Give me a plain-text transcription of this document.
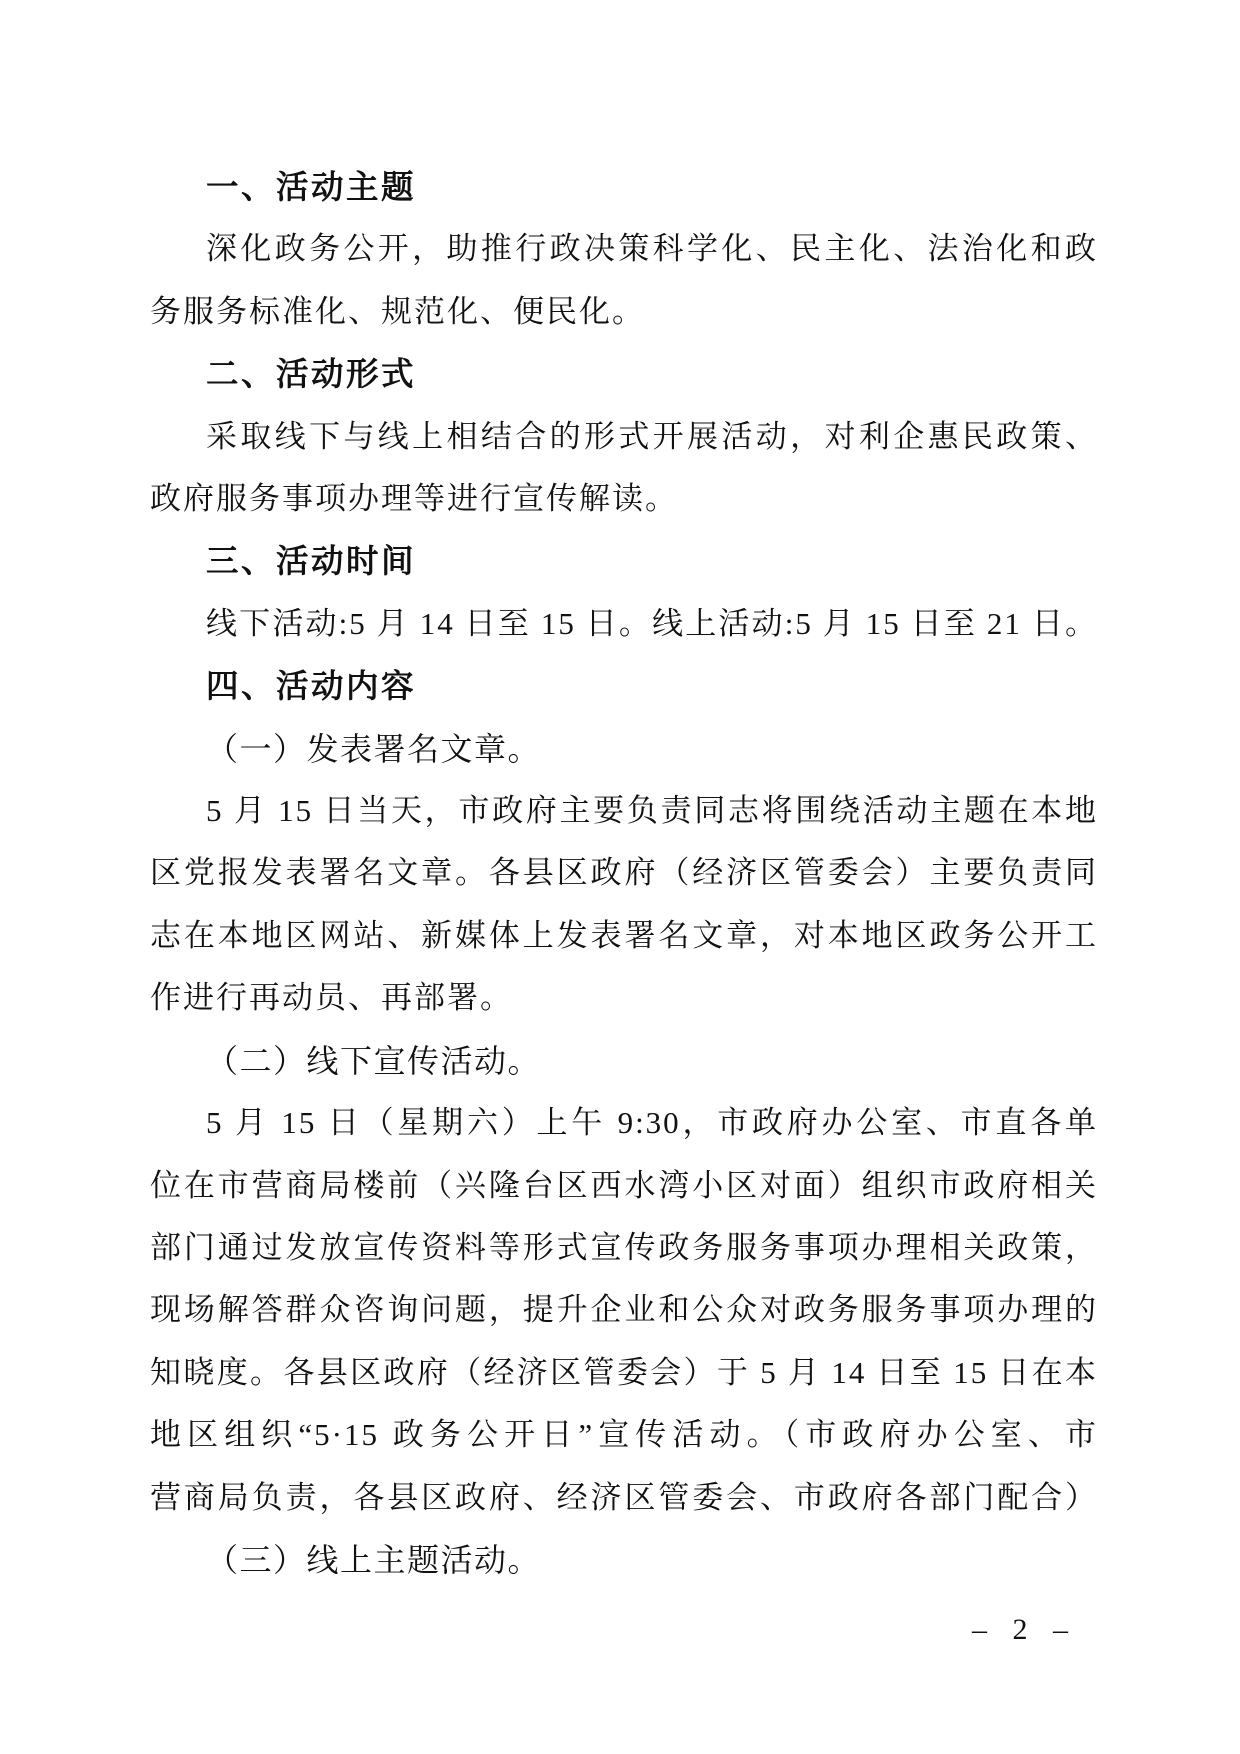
一、活动主题
深化政务公开，助推行政决策科学化、民主化、法治化和政
务服务标准化、规范化、便民化。
二、活动形式
采取线下与线上相结合的形式开展活动，对利企惠民政策、
政府服务事项办理等进行宣传解读。
三、活动时间
线下活动:5 月 14 日至 15 日。线上活动:5 月 15 日至 21 日。
四、活动内容
（一）发表署名文章。
5 月 15 日当天，市政府主要负责同志将围绕活动主题在本地
区党报发表署名文章。各县区政府（经济区管委会）主要负责同
志在本地区网站、新媒体上发表署名文章，对本地区政务公开工
作进行再动员、再部署。
（二）线下宣传活动。
5 月 15 日（星期六）上午 9:30，市政府办公室、市直各单
位在市营商局楼前（兴隆台区西水湾小区对面）组织市政府相关
部门通过发放宣传资料等形式宣传政务服务事项办理相关政策，
现场解答群众咨询问题，提升企业和公众对政务服务事项办理的
知晓度。各县区政府（经济区管委会）于 5 月 14 日至 15 日在本
地区组织“5·15 政务公开日”宣传活动。（市政府办公室、市
营商局负责，各县区政府、经济区管委会、市政府各部门配合）
（三）线上主题活动。
– 2 –
